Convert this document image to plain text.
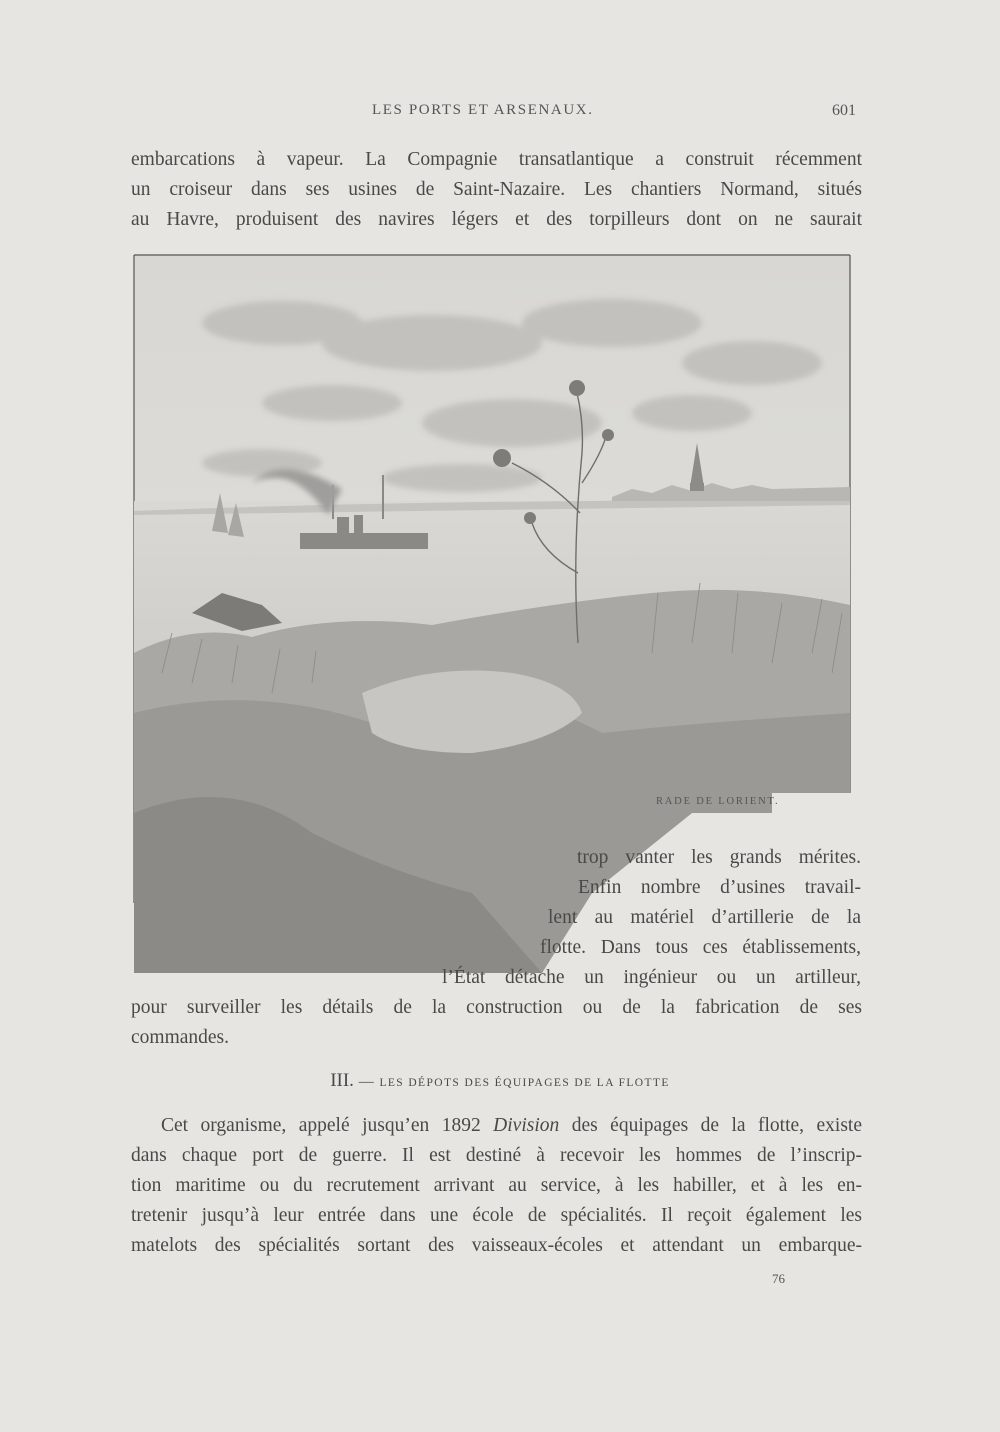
LES PORTS ET ARSENAUX.	601
embarcations à vapeur. La Compagnie transatlantique a construit récemment
un croiseur dans ses usines de Saint-Nazaire. Les chantiers Normand, situés
au Havre, produisent des navires légers et des torpilleurs dont on ne saurait
RADE DE LORIENT.
trop vanter les grands mérites.
Enfin nombre d’usines travail-
lent au matériel d’artillerie de la
flotte. Dans tous ces établissements,
l’État détache un ingénieur ou un artilleur,
pour surveiller les détails de la construction ou de la fabrication de ses
commandes.
III. — LES DÉPOTS DES ÉQUIPAGES DE LA FLOTTE
Cet organisme, appelé jusqu’en 1892 Division des équipages de la flotte, existe
dans chaque port de guerre. Il est destiné à recevoir les hommes de l’inscrip-
tion maritime ou du recrutement arrivant au service, à les habiller, et à les en-
tretenir jusqu’à leur entrée dans une école de spécialités. Il reçoit également les
matelots des spécialités sortant des vaisseaux-écoles et attendant un embarque-
76
